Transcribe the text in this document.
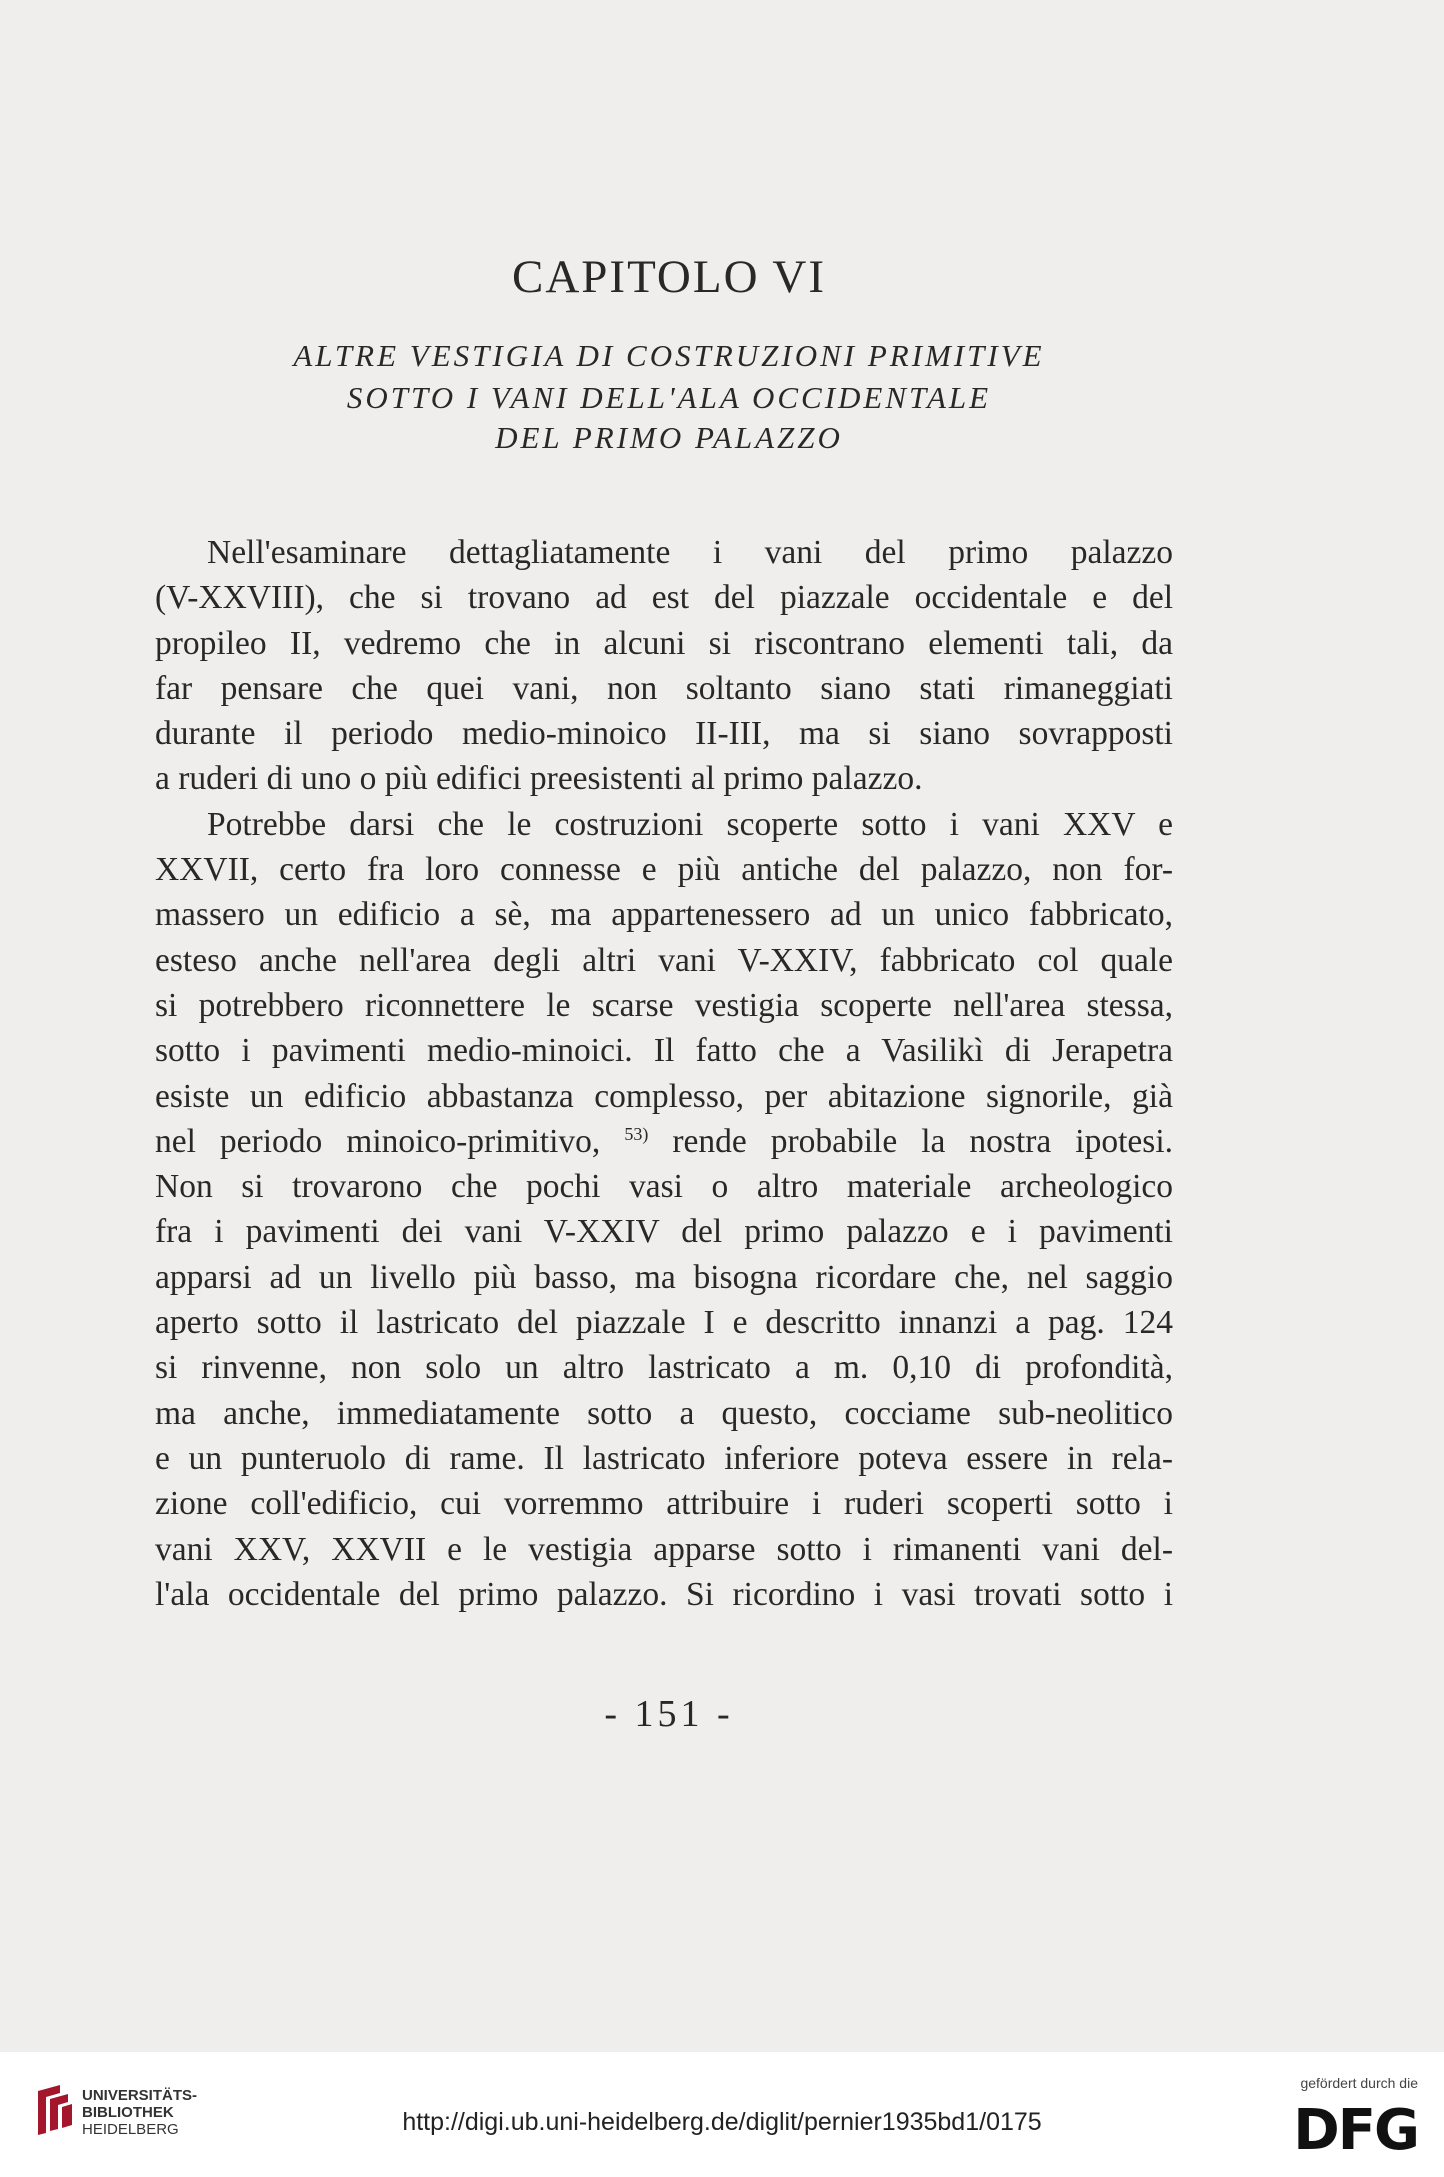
CAPITOLO VI
ALTRE VESTIGIA DI COSTRUZIONI PRIMITIVE
SOTTO I VANI DELL'ALA OCCIDENTALE
DEL PRIMO PALAZZO
Nell'esaminare dettagliatamente i vani del primo palazzo
(V-XXVIII), che si trovano ad est del piazzale occidentale e del
propileo II, vedremo che in alcuni si riscontrano elementi tali, da
far pensare che quei vani, non soltanto siano stati rimaneggiati
durante il periodo medio-minoico II-III, ma si siano sovrapposti
a ruderi di uno o più edifici preesistenti al primo palazzo.
Potrebbe darsi che le costruzioni scoperte sotto i vani XXV e
XXVII, certo fra loro connesse e più antiche del palazzo, non for-
massero un edificio a sè, ma appartenessero ad un unico fabbricato,
esteso anche nell'area degli altri vani V-XXIV, fabbricato col quale
si potrebbero riconnettere le scarse vestigia scoperte nell'area stessa,
sotto i pavimenti medio-minoici. Il fatto che a Vasilikì di Jerapetra
esiste un edificio abbastanza complesso, per abitazione signorile, già
nel periodo minoico-primitivo, $^{53)}$ rende probabile la nostra ipotesi.
Non si trovarono che pochi vasi o altro materiale archeologico
fra i pavimenti dei vani V-XXIV del primo palazzo e i pavimenti
apparsi ad un livello più basso, ma bisogna ricordare che, nel saggio
aperto sotto il lastricato del piazzale I e descritto innanzi a pag. 124
si rinvenne, non solo un altro lastricato a m. 0,10 di profondità,
ma anche, immediatamente sotto a questo, cocciame sub-neolitico
e un punteruolo di rame. Il lastricato inferiore poteva essere in rela-
zione coll'edificio, cui vorremmo attribuire i ruderi scoperti sotto i
vani XXV, XXVII e le vestigia apparse sotto i rimanenti vani del-
l'ala occidentale del primo palazzo. Si ricordino i vasi trovati sotto i
- 151 -
UNIVERSITÄTS-
BIBLIOTHEK
HEIDELBERG	http://digi.ub.uni-heidelberg.de/diglit/pernier1935bd1/0175
gefördert durch die
DFG
